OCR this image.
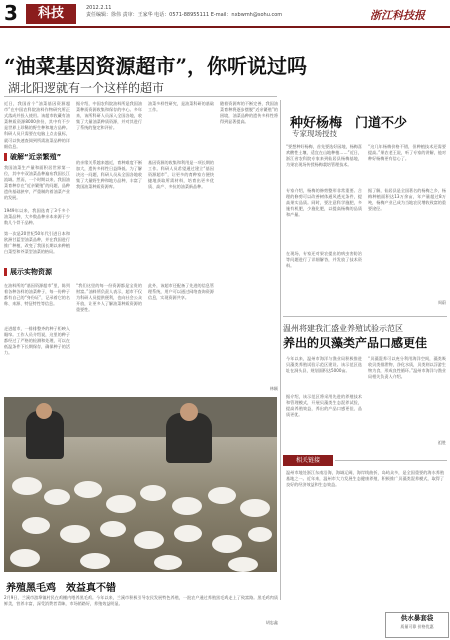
3	科技	2012.2.11
责任编辑：徐伟 责审：王家华 电话：0571-88955111 E-mail：nxbwmh@sohu.com	浙江科技报
“油菜基因资源超市”，你听说过吗
湖北阳逻就有一个这样的超市

近日，我国首个“油菜基因资源超市”在中国农科院油料作物研究所正式落成并投入使用。该超市收藏有油菜种质资源8000余份，其中有不少是世界上珍稀的野生种和地方品种。科研人员只需要在电脑上点击鼠标，就可以快速查阅到所需油菜品种的详细信息。

据介绍，中国农科院油料所是我国油菜种质资源收集和保存的中心。多年来，该所科研人员深入全国各地，收集了大量油菜种质资源，并对其进行了系统的鉴定和评价。

油菜多样性研究，是油菜科研的基础工作。

随着资源库的不断完善，我国油菜育种将逐步摆脱“近亲繁殖”的困境，油菜品种的遗传多样性将得到显著提高。

破解“近亲繁殖”

我国油菜生产量和面积居世界第一位，其中中双油菜品种遍布我国长江流域。然而，一个时期以来，我国油菜育种存在“近亲繁殖”的问题，品种遗传基础狭窄，严重制约着油菜产业的发展。

1949年以来，我国选育了3千多个油菜品种，大多数品种亲本来源于少数几个骨干品种。

第一次是20世纪50年代引进日本和欧洲甘蓝型油菜品种，并在我国进行推广种植，改变了我国长期以来种植白菜型和芥菜型油菜的格局。

的亲缘关系越来越近，育种难度不断加大，遗传多样性日益降低。为了解决这一问题，科研人员从全国各地收集了大量野生种和地方品种，丰富了我国油菜种质资源库。

基因资源的收集和利用是一项长期的工作。科研人员希望通过建立“基因资源超市”，让更多的育种家方便快捷地获取所需材料，培育出更多优质、高产、多抗的油菜新品种。

展示实物资源

在油料所的“基因资源超市”里，陈列着各种各样的油菜种子，每一份种子都有自己的“身份证”，记录着它的名称、来源、特征特性等信息。

走进超市，一排排整齐的种子柜映入眼帘。工作人员介绍说，这里的种子都经过了严格的检测和处理，可以在低温条件下长期保存，确保种子的活力。

“我们这里的每一份资源都是宝贵的财富。”油料所负责人表示，超市不仅为科研人员提供便利，也向社会公众开放，让更多人了解油菜种质资源的重要性。

此外，该超市还配备了先进的信息管理系统，用户可以通过网络查询资源信息，实现资源共享。

林颖
养殖黑毛鸡　效益真不错

2月9日，兰溪市游埠镇村民在鸡棚内喂养黑毛鸡。今年以来，兰溪市积极引导农民发展特色养殖，一批农户通过养殖黑毛鸡走上了致富路。黑毛鸡肉质鲜美，营养丰富，深受消费者青睐，市场销路好，养殖效益明显。

胡忠鑫
种好杨梅　门道不少
专家现场授技

“要想种好杨梅，首先要选好园地，杨梅喜欢酸性土壤，适宜在山地种植……”近日，浙江省农科院专家来到仙居县杨梅基地，为果农现场传授杨梅栽培管理技术。

专家介绍，杨梅的修剪整形非常重要。合理的修剪可以改善树体通风透光条件，提高果实品质。同时，要注意科学施肥，多施有机肥，少施化肥，以提高杨梅的品质和产量。

在现场，专家还对果农提出的病虫害防治等问题进行了详细解答，并发放了技术资料。

“这几年杨梅价格不错，但种植技术还需要提高。”果农老王说，听了专家的讲解，他对种好杨梅更有信心了。

据了解，仙居县是全国著名的杨梅之乡，杨梅种植面积达13万余亩，年产量超过8万吨，杨梅产业已成为当地农民增收致富的重要途径。

周蔚
温州将建我汇盛业养殖试验示范区
养出的贝藻类产品口感更佳

今年以来，温州市海洋与渔业局积极推进贝藻类养殖试验示范区建设。该示范区选址在洞头县，规划面积达5000亩。

据介绍，该示范区将采用先进的养殖技术和管理模式，开展贝藻类生态混养试验，提高养殖效益，养出的产品口感更佳、品质更优。

“贝藻混养可以充分利用海洋空间，藻类吸收贝类排泄物，净化水质，贝类则以浮游生物为食，形成良性循环。”温州市海洋与渔业局相关负责人介绍。

祖胜
相关链接

温州市地处浙江东南沿海，海域辽阔，海岸线曲折，岛屿众多，是全国重要的海水养殖基地之一。近年来，温州市大力发展生态健康养殖，积极推广贝藻类混养模式，取得了良好的经济效益和生态效益。

供水暴套袋
质量可靠 价格优惠
